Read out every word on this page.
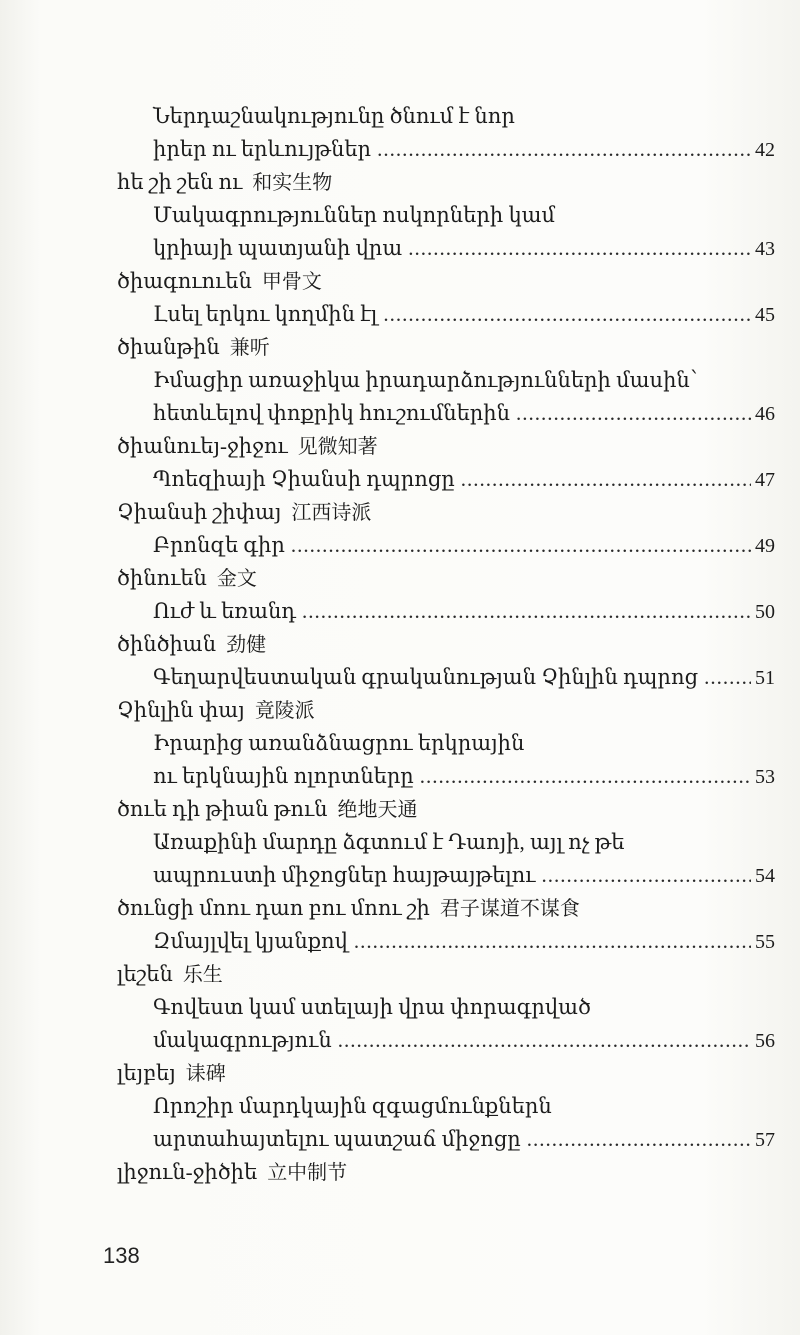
Ներդաշնակությունը ծնում է նոր
իրեր ու երևույթներ .....	42
հե շի շեն ու 和实生物
Մակագրություններ ոսկորների կամ
կրիայի պատյանի վրա .....	43
ծիագուուեն 甲骨文
Լսել երկու կողմին էլ .....	45
ծիանթին 兼听
Իմացիր առաջիկա իրադարձությունների մասին՝
հետևելով փոքրիկ հուշումներին .....	46
ծիանուեյ-ջիջու 见微知著
Պոեզիայի Չիանսի դպրոցը .....	47
Չիանսի շիփայ 江西诗派
Բրոնզե գիր .....	49
ծինուեն 金文
Ուժ և եռանդ .....	50
ծինծիան 劲健
Գեղարվեստական գրականության Չինլին դպրոց .....	51
Չինլին փայ 竟陵派
Իրարից առանձնացրու երկրային
ու երկնային ոլորտները .....	53
ծուե դի թիան թուն 绝地天通
Առաքինի մարդը ձգտում է Դաոյի, այլ ոչ թե
ապրուստի միջոցներ հայթայթելու .....	54
ծունցի մոու դաո բու մոու շի 君子谋道不谋食
Զմայլվել կյանքով .....	55
լեշեն 乐生
Գովեստ կամ ստելայի վրա փորագրված
մակագրություն .....	56
լեյբեյ 诔碑
Որոշիր մարդկային զգացմունքներն
արտահայտելու պատշաճ միջոցը .....	57
լիջուն-ջիծիե 立中制节
138
